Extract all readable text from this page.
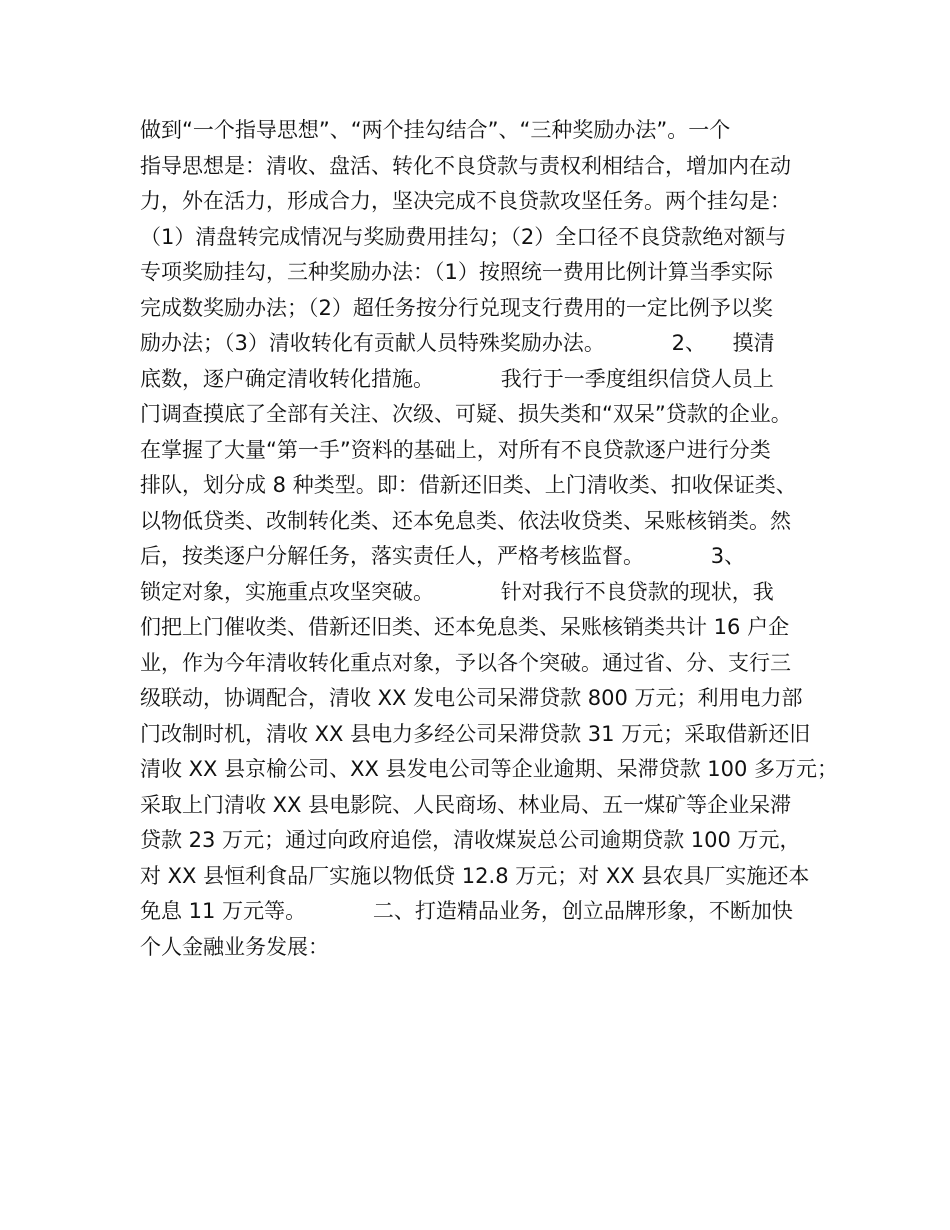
做到“一个指导思想”、“两个挂勾结合”、“三种奖励办法”。一个
指导思想是：清收、盘活、转化不良贷款与责权利相结合，增加内在动
力，外在活力，形成合力，坚决完成不良贷款攻坚任务。两个挂勾是：
（1）清盘转完成情况与奖励费用挂勾；（2）全口径不良贷款绝对额与
专项奖励挂勾，三种奖励办法：（1）按照统一费用比例计算当季实际
完成数奖励办法；（2）超任务按分行兑现支行费用的一定比例予以奖
励办法；（3）清收转化有贡献人员特殊奖励办法。          2、    摸清
底数，逐户确定清收转化措施。          我行于一季度组织信贷人员上
门调查摸底了全部有关注、次级、可疑、损失类和“双呆”贷款的企业。
在掌握了大量“第一手”资料的基础上，对所有不良贷款逐户进行分类
排队，划分成 8 种类型。即：借新还旧类、上门清收类、扣收保证类、
以物低贷类、改制转化类、还本免息类、依法收贷类、呆账核销类。然
后，按类逐户分解任务，落实责任人，严格考核监督。          3、
锁定对象，实施重点攻坚突破。          针对我行不良贷款的现状，我
们把上门催收类、借新还旧类、还本免息类、呆账核销类共计 16 户企
业，作为今年清收转化重点对象，予以各个突破。通过省、分、支行三
级联动，协调配合，清收 XX 发电公司呆滞贷款 800 万元；利用电力部
门改制时机，清收 XX 县电力多经公司呆滞贷款 31 万元；采取借新还旧
清收 XX 县京榆公司、XX 县发电公司等企业逾期、呆滞贷款 100 多万元；
采取上门清收 XX 县电影院、人民商场、林业局、五一煤矿等企业呆滞
贷款 23 万元；通过向政府追偿，清收煤炭总公司逾期贷款 100 万元，
对 XX 县恒利食品厂实施以物低贷 12.8 万元；对 XX 县农具厂实施还本
免息 11 万元等。          二、打造精品业务，创立品牌形象，不断加快
个人金融业务发展：
